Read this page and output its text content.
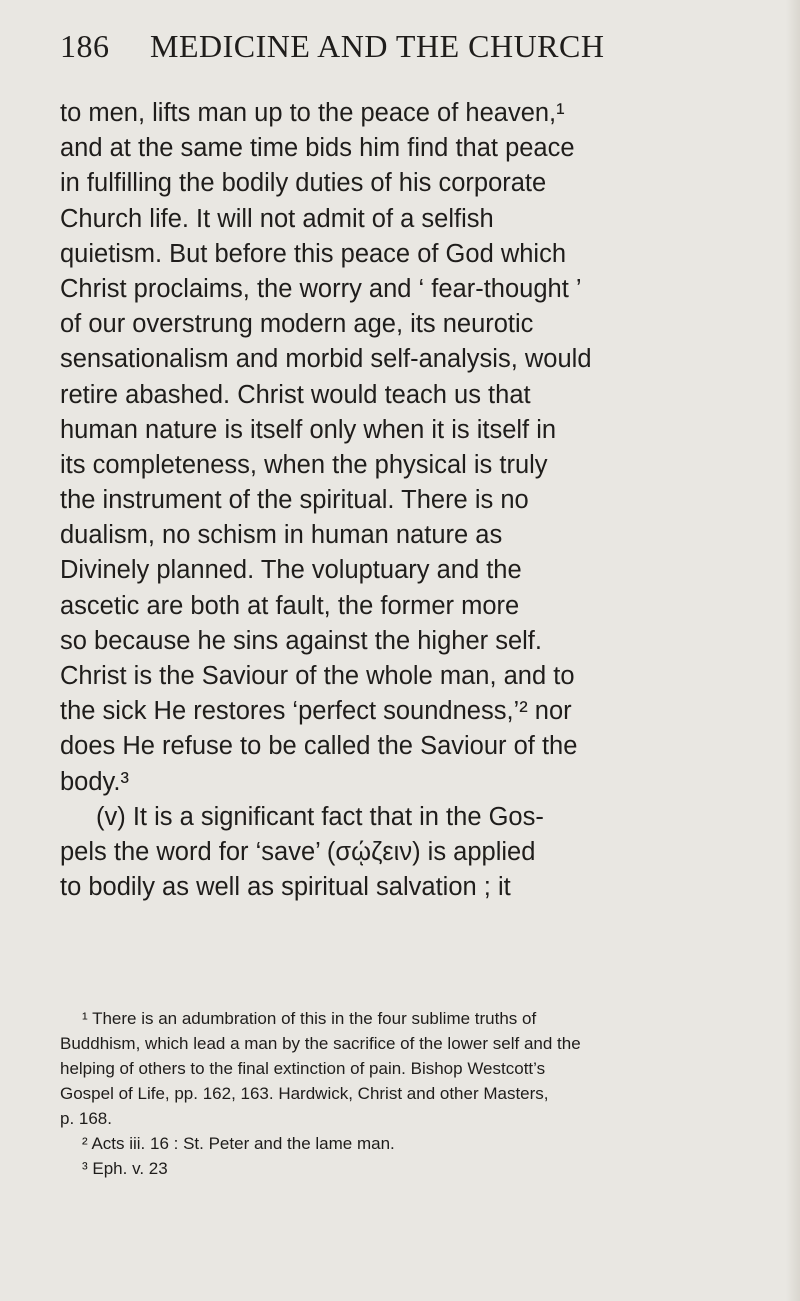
186 MEDICINE AND THE CHURCH
to men, lifts man up to the peace of heaven,¹
and at the same time bids him find that peace
in fulfilling the bodily duties of his corporate
Church life. It will not admit of a selfish
quietism. But before this peace of God which
Christ proclaims, the worry and ‘ fear-thought ’
of our overstrung modern age, its neurotic
sensationalism and morbid self-analysis, would
retire abashed. Christ would teach us that
human nature is itself only when it is itself in
its completeness, when the physical is truly
the instrument of the spiritual. There is no
dualism, no schism in human nature as
Divinely planned. The voluptuary and the
ascetic are both at fault, the former more
so because he sins against the higher self.
Christ is the Saviour of the whole man, and to
the sick He restores ‘perfect soundness,’² nor
does He refuse to be called the Saviour of the
body.³
(v) It is a significant fact that in the Gos-
pels the word for ‘save’ (σῴζειν) is applied
to bodily as well as spiritual salvation ; it
¹ There is an adumbration of this in the four sublime truths of
Buddhism, which lead a man by the sacrifice of the lower self and the
helping of others to the final extinction of pain. Bishop Westcott’s
Gospel of Life, pp. 162, 163. Hardwick, Christ and other Masters,
p. 168.
² Acts iii. 16 : St. Peter and the lame man.
³ Eph. v. 23
